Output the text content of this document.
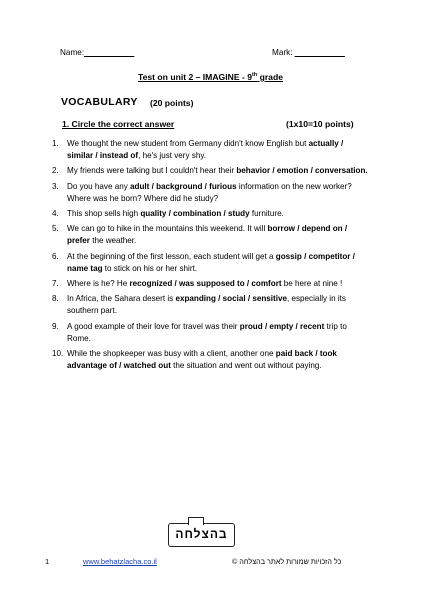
Name:___________	Mark: ___________
Test on unit 2 – IMAGINE - 9th grade
VOCABULARY (20 points)
1. Circle the correct answer	(1x10=10 points)
1. We thought the new student from Germany didn't know English but actually / similar / instead of, he's just very shy.
2. My friends were talking but I couldn't hear their behavior / emotion / conversation.
3. Do you have any adult / background / furious information on the new worker? Where was he born? Where did he study?
4. This shop sells high quality / combination / study furniture.
5. We can go to hike in the mountains this weekend. It will borrow / depend on / prefer the weather.
6. At the beginning of the first lesson, each student will get a gossip / competitor / name tag to stick on his or her shirt.
7. Where is he? He recognized / was supposed to / comfort be here at nine !
8. In Africa, the Sahara desert is expanding / social / sensitive, especially in its southern part.
9. A good example of their love for travel was their proud / empty / recent trip to Rome.
10. While the shopkeeper was busy with a client, another one paid back / took advantage of / watched out the situation and went out without paying.
בהצלחה
1	www.behatzlacha.co.il	כל הזכויות שמורות לאתר בהצלחה ©
